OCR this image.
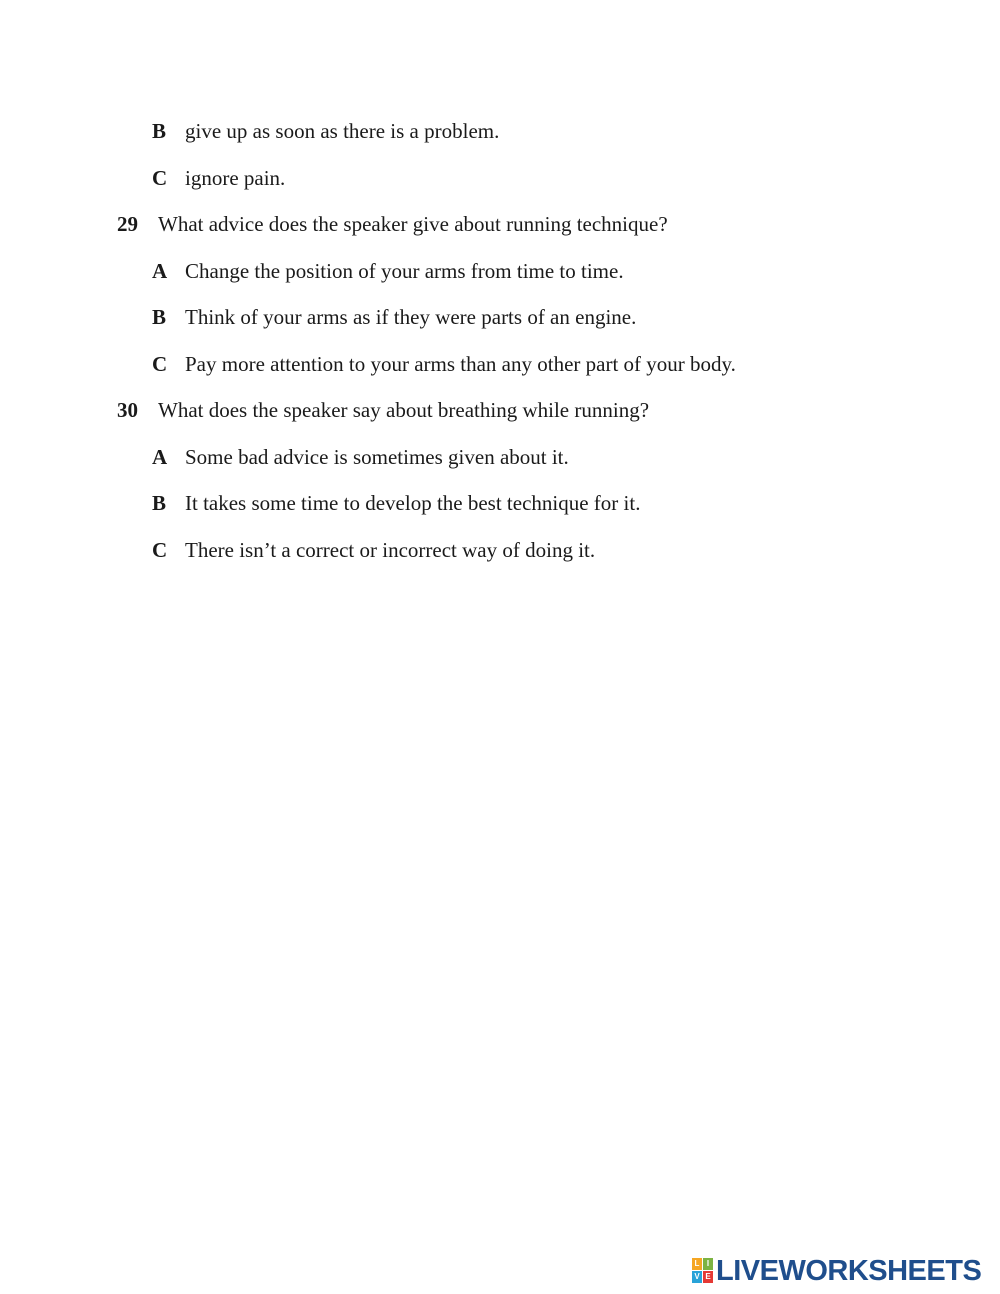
B give up as soon as there is a problem.
C ignore pain.
29 What advice does the speaker give about running technique?
A Change the position of your arms from time to time.
B Think of your arms as if they were parts of an engine.
C Pay more attention to your arms than any other part of your body.
30 What does the speaker say about breathing while running?
A Some bad advice is sometimes given about it.
B It takes some time to develop the best technique for it.
C There isn’t a correct or incorrect way of doing it.
L I
V E LIVEWORKSHEETS
